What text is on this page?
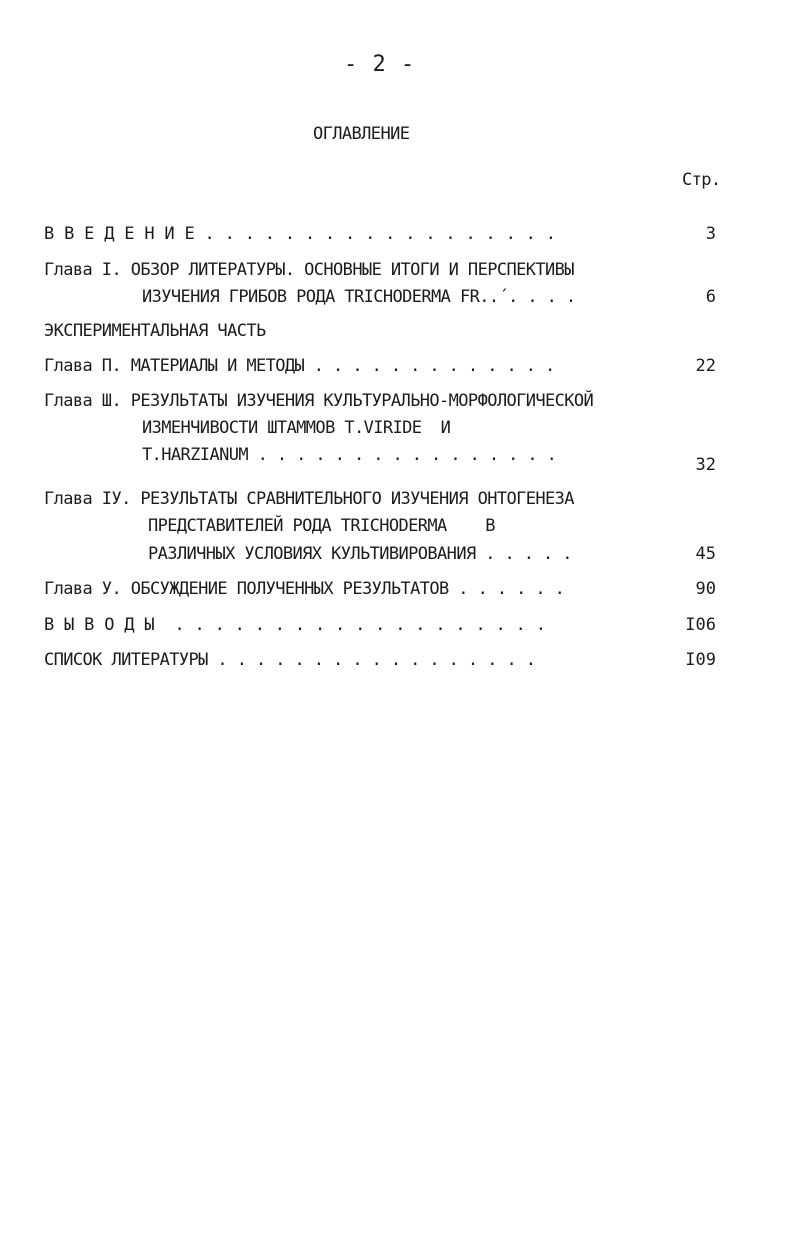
- 2 -
ОГЛАВЛЕНИЕ
Стр.
В В Е Д Е Н И Е . . . . . . . . . . . . . . . . . .	3
Глава I. ОБЗОР ЛИТЕРАТУРЫ. ОСНОВНЫЕ ИТОГИ И ПЕРСПЕКТИВЫ
ИЗУЧЕНИЯ ГРИБОВ РОДА TRICHODERMA FR..´. . . .	6
ЭКСПЕРИМЕНТАЛЬНАЯ ЧАСТЬ
Глава П. МАТЕРИАЛЫ И МЕТОДЫ . . . . . . . . . . . . .	22
Глава Ш. РЕЗУЛЬТАТЫ ИЗУЧЕНИЯ КУЛЬТУРАЛЬНО-МОРФОЛОГИЧЕСКОЙ
ИЗМЕНЧИВОСТИ ШТАММОВ T.VIRIDE  И
T.HARZIANUM . . . . . . . . . . . . . . . .	32
Глава IУ. РЕЗУЛЬТАТЫ СРАВНИТЕЛЬНОГО ИЗУЧЕНИЯ ОНТОГЕНЕЗА
ПРЕДСТАВИТЕЛЕЙ РОДА TRICHODERMA    В
РАЗЛИЧНЫХ УСЛОВИЯХ КУЛЬТИВИРОВАНИЯ . . . . .	45
Глава У. ОБСУЖДЕНИЕ ПОЛУЧЕННЫХ РЕЗУЛЬТАТОВ . . . . . .	90
В Ы В О Д Ы  . . . . . . . . . . . . . . . . . . .	I06
СПИСОК ЛИТЕРАТУРЫ . . . . . . . . . . . . . . . . .	I09
